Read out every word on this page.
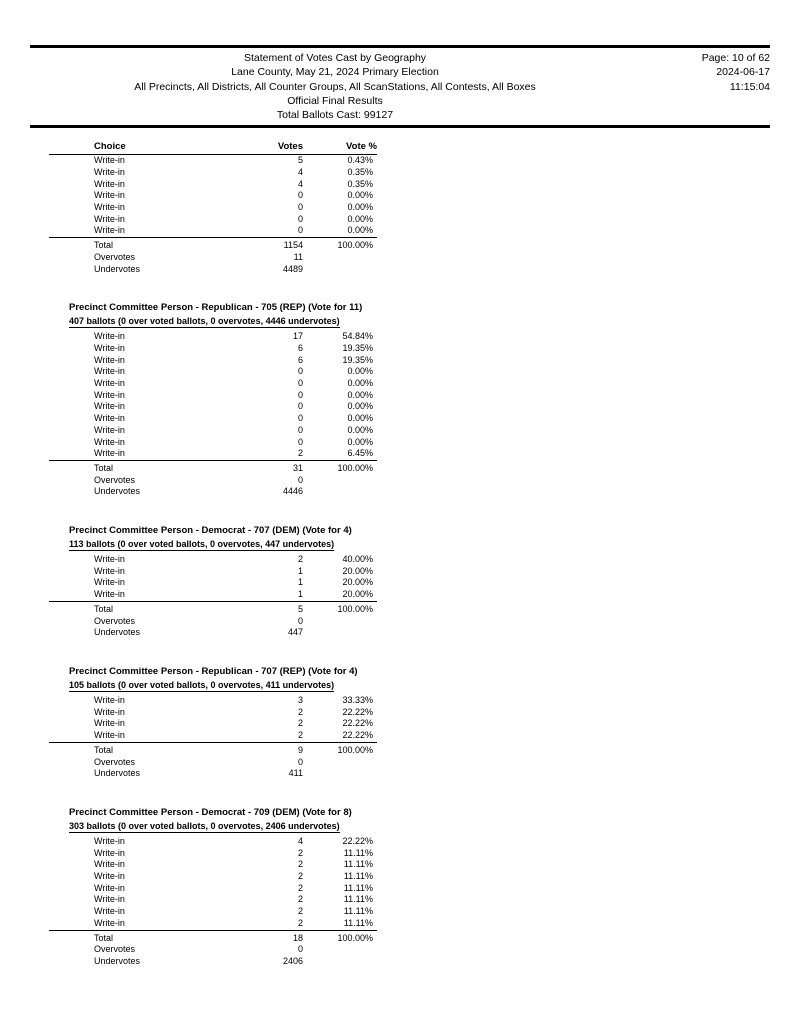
Statement of Votes Cast by Geography
Lane County, May 21, 2024 Primary Election
All Precincts, All Districts, All Counter Groups, All ScanStations, All Contests, All Boxes
Official Final Results
Total Ballots Cast: 99127
Page: 10 of 62
2024-06-17
11:15:04
Choice	Votes	Vote %
Write-in	5	0.43%
Write-in	4	0.35%
Write-in	4	0.35%
Write-in	0	0.00%
Write-in	0	0.00%
Write-in	0	0.00%
Write-in	0	0.00%
Total	1154	100.00%
Overvotes	11
Undervotes	4489
Precinct Committee Person - Republican - 705 (REP) (Vote for 11)
407 ballots (0 over voted ballots, 0 overvotes, 4446 undervotes)
Write-in	17	54.84%
Write-in	6	19.35%
Write-in	6	19.35%
Write-in	0	0.00%
Write-in	0	0.00%
Write-in	0	0.00%
Write-in	0	0.00%
Write-in	0	0.00%
Write-in	0	0.00%
Write-in	0	0.00%
Write-in	2	6.45%
Total	31	100.00%
Overvotes	0
Undervotes	4446
Precinct Committee Person - Democrat - 707 (DEM) (Vote for 4)
113 ballots (0 over voted ballots, 0 overvotes, 447 undervotes)
Write-in	2	40.00%
Write-in	1	20.00%
Write-in	1	20.00%
Write-in	1	20.00%
Total	5	100.00%
Overvotes	0
Undervotes	447
Precinct Committee Person - Republican - 707 (REP) (Vote for 4)
105 ballots (0 over voted ballots, 0 overvotes, 411 undervotes)
Write-in	3	33.33%
Write-in	2	22.22%
Write-in	2	22.22%
Write-in	2	22.22%
Total	9	100.00%
Overvotes	0
Undervotes	411
Precinct Committee Person - Democrat - 709 (DEM) (Vote for 8)
303 ballots (0 over voted ballots, 0 overvotes, 2406 undervotes)
Write-in	4	22.22%
Write-in	2	11.11%
Write-in	2	11.11%
Write-in	2	11.11%
Write-in	2	11.11%
Write-in	2	11.11%
Write-in	2	11.11%
Write-in	2	11.11%
Total	18	100.00%
Overvotes	0
Undervotes	2406
